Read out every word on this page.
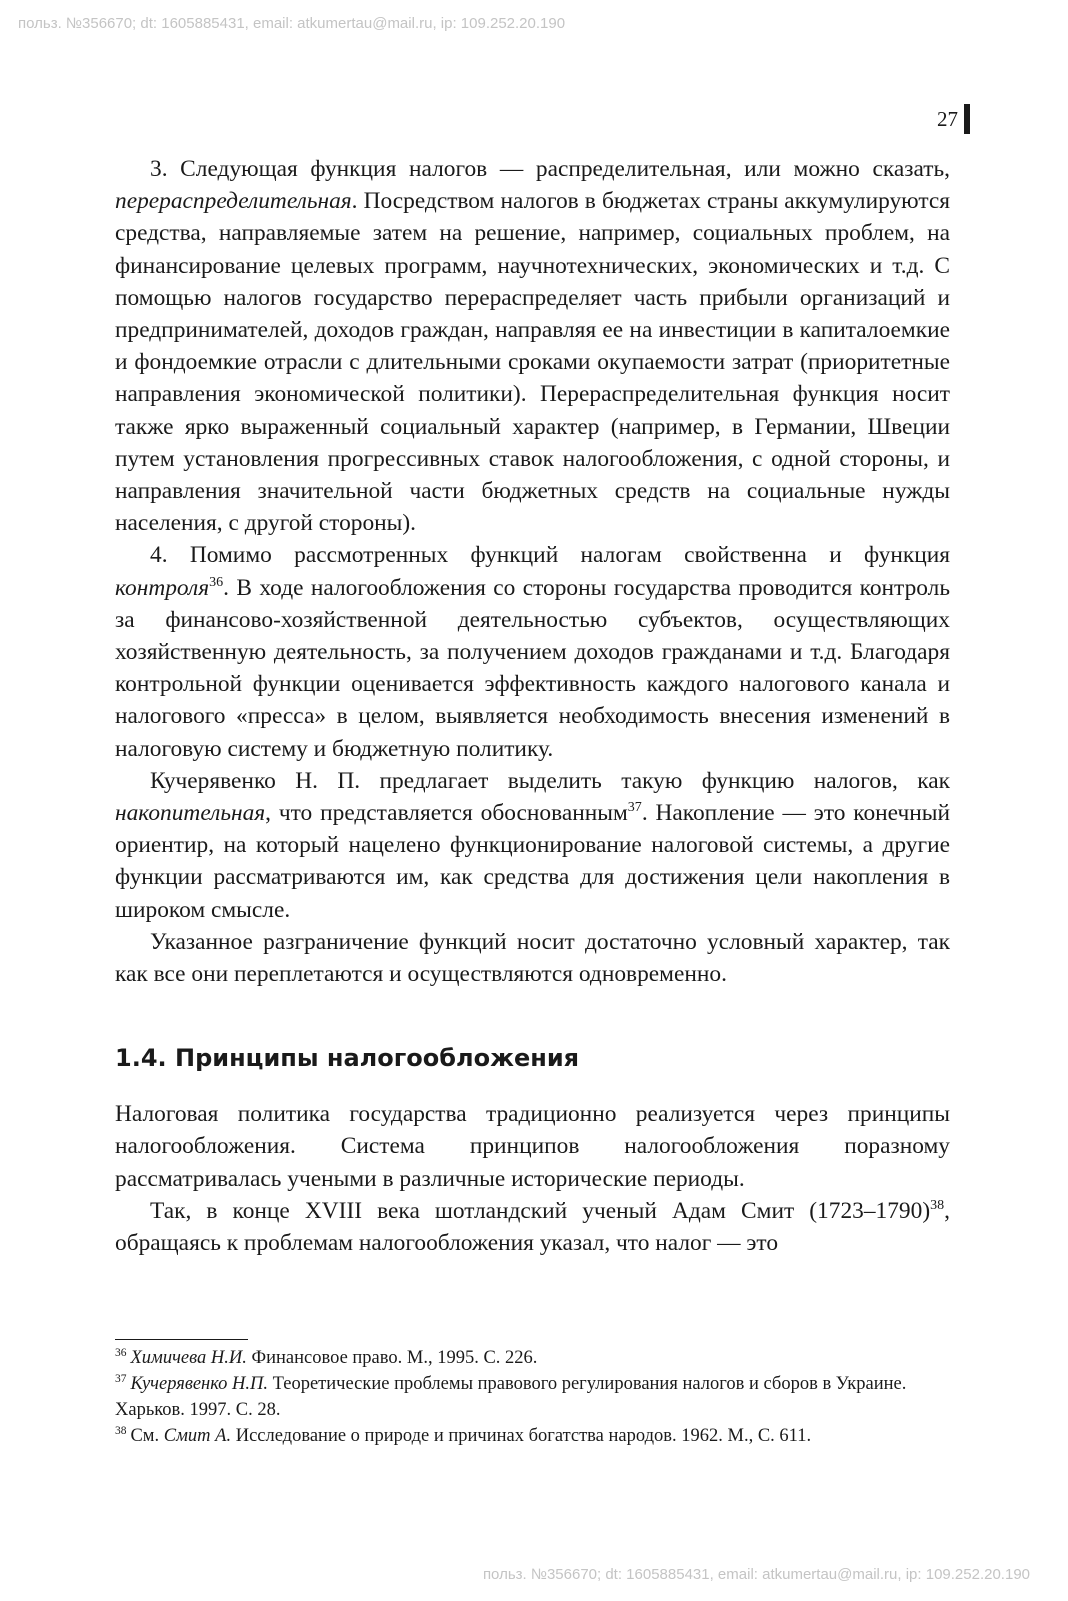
польз. №356670; dt: 1605885431, email: atkumertau@mail.ru, ip: 109.252.20.190
27

3. Следующая функция налогов — распределительная, или можно сказать, перераспределительная. Посредством налогов в бюджетах страны аккумулируются средства, направляемые затем на решение, например, социальных проблем, на финансирование целевых программ, научнотехнических, экономических и т.д. С помощью налогов государство перераспределяет часть прибыли организаций и предпринимателей, доходов граждан, направляя ее на инвестиции в капиталоемкие и фондоемкие отрасли с длительными сроками окупаемости затрат (приоритетные направления экономической политики). Перераспределительная функция носит также ярко выраженный социальный характер (например, в Германии, Швеции путем установления прогрессивных ставок налогообложения, с одной стороны, и направления значительной части бюджетных средств на социальные нужды населения, с другой стороны).

4. Помимо рассмотренных функций налогам свойственна и функция контроля$^{36}$. В ходе налогообложения со стороны государства проводится контроль за финансово-хозяйственной деятельностью субъектов, осуществляющих хозяйственную деятельность, за получением доходов гражданами и т.д. Благодаря контрольной функции оценивается эффективность каждого налогового канала и налогового «пресса» в целом, выявляется необходимость внесения изменений в налоговую систему и бюджетную политику.

Кучерявенко Н. П. предлагает выделить такую функцию налогов, как накопительная, что представляется обоснованным$^{37}$. Накопление — это конечный ориентир, на который нацелено функционирование налоговой системы, а другие функции рассматриваются им, как средства для достижения цели накопления в широком смысле.

Указанное разграничение функций носит достаточно условный характер, так как все они переплетаются и осуществляются одновременно.

1.4. Принципы налогообложения

Налоговая политика государства традиционно реализуется через принципы налогообложения. Система принципов налогообложения поразному рассматривалась учеными в различные исторические периоды.

Так, в конце XVIII века шотландский ученый Адам Смит (1723–1790)$^{38}$, обращаясь к проблемам налогообложения указал, что налог — это

$^{36}$ Химичева Н.И. Финансовое право. М., 1995. С. 226.

$^{37}$ Кучерявенко Н.П. Теоретические проблемы правового регулирования налогов и сборов в Украине. Харьков. 1997. С. 28.

$^{38}$ См. Смит А. Исследование о природе и причинах богатства народов. 1962. М., С. 611.

польз. №356670; dt: 1605885431, email: atkumertau@mail.ru, ip: 109.252.20.190
